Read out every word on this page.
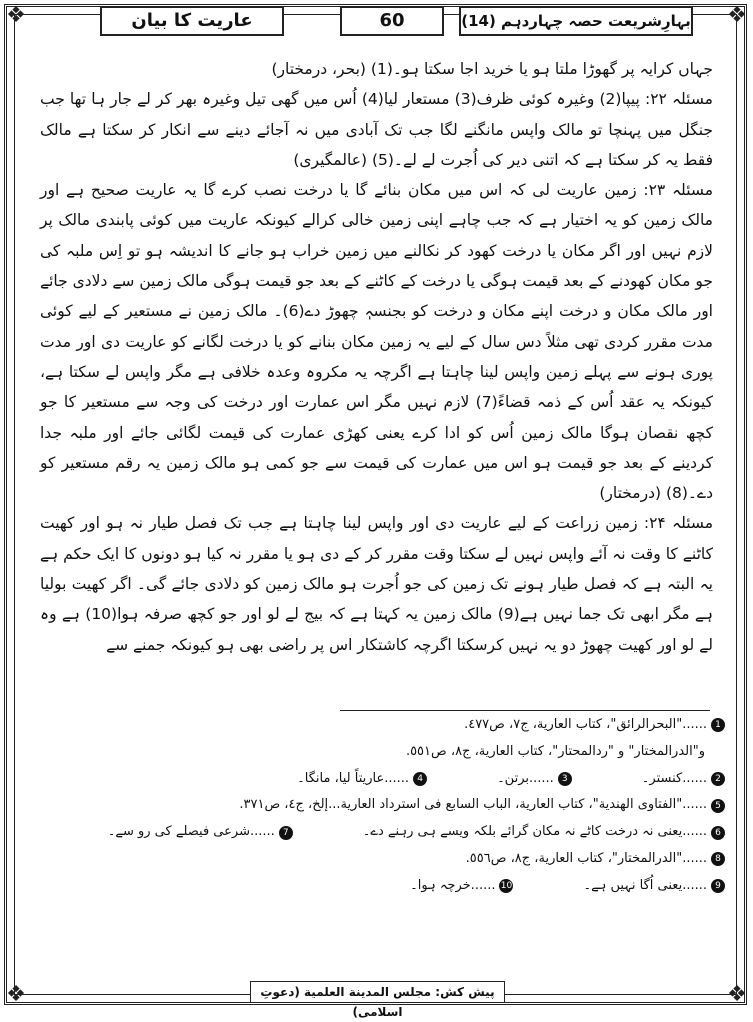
❖	❖
❖	❖
عاریت کا بیان	60	بہارِشریعت حصہ چہاردہم (14)

جہاں کرایہ پر گھوڑا ملتا ہو یا خرید اجا سکتا ہو۔(1) (بحر، درمختار)

مسئلہ ۲۲: پیپا(2) وغیرہ کوئی ظرف(3) مستعار لیا(4) اُس میں گھی تیل وغیرہ بھر کر لے جار ہا تھا جب جنگل میں پہنچا تو مالک واپس مانگنے لگا جب تک آبادی میں نہ آجائے دینے سے انکار کر سکتا ہے مالک فقط یہ کر سکتا ہے کہ اتنی دیر کی اُجرت لے لے۔(5) (عالمگیری)

مسئلہ ۲۳: زمین عاریت لی کہ اس میں مکان بنائے گا یا درخت نصب کرے گا یہ عاریت صحیح ہے اور مالک زمین کو یہ اختیار ہے کہ جب چاہے اپنی زمین خالی کرالے کیونکہ عاریت میں کوئی پابندی مالک پر لازم نہیں اور اگر مکان یا درخت کھود کر نکالنے میں زمین خراب ہو جانے کا اندیشہ ہو تو اِس ملبہ کی جو مکان کھودنے کے بعد قیمت ہوگی یا درخت کے کاٹنے کے بعد جو قیمت ہوگی مالک زمین سے دلادی جائے اور مالک مکان و درخت اپنے مکان و درخت کو بجنسہٖ چھوڑ دے(6)۔ مالک زمین نے مستعیر کے لیے کوئی مدت مقرر کردی تھی مثلاً دس سال کے لیے یہ زمین مکان بنانے کو یا درخت لگانے کو عاریت دی اور مدت پوری ہونے سے پہلے زمین واپس لینا چاہتا ہے اگرچہ یہ مکروہ وعدہ خلافی ہے مگر واپس لے سکتا ہے، کیونکہ یہ عقد اُس کے ذمہ قضاءً(7) لازم نہیں مگر اس عمارت اور درخت کی وجہ سے مستعیر کا جو کچھ نقصان ہوگا مالک زمین اُس کو ادا کرے یعنی کھڑی عمارت کی قیمت لگائی جائے اور ملبہ جدا کردینے کے بعد جو قیمت ہو اس میں عمارت کی قیمت سے جو کمی ہو مالک زمین یہ رقم مستعیر کو دے۔(8) (درمختار)

مسئلہ ۲۴: زمین زراعت کے لیے عاریت دی اور واپس لینا چاہتا ہے جب تک فصل طیار نہ ہو اور کھیت کاٹنے کا وقت نہ آئے واپس نہیں لے سکتا وقت مقرر کر کے دی ہو یا مقرر نہ کیا ہو دونوں کا ایک حکم ہے یہ البتہ ہے کہ فصل طیار ہونے تک زمین کی جو اُجرت ہو مالک زمین کو دلادی جائے گی۔ اگر کھیت بولیا ہے مگر ابھی تک جما نہیں ہے(9) مالک زمین یہ کہتا ہے کہ بیج لے لو اور جو کچھ صرفہ ہوا(10) ہے وہ لے لو اور کھیت چھوڑ دو یہ نہیں کرسکتا اگرچہ کاشتکار اس پر راضی بھی ہو کیونکہ جمنے سے

1
......"البحرالرائق"، کتاب العارية، ج٧، ص٤٧٧.
و"الدرالمختار" و "ردالمحتار"، کتاب العارية، ج٨، ص٥٥١.
2
......کنستر۔
3
......برتن۔
4
......عاریتاً لیا، مانگا۔
5
......"الفتاوی الهندية"، کتاب العارية، الباب السابع فی استرداد العارية...إلخ، ج٤، ص٣٧١.
6
......یعنی نہ درخت کاٹے نہ مکان گرائے بلکہ ویسے ہی رہنے دے۔
7
......شرعی فیصلے کی رو سے۔
8
......"الدرالمختار"، کتاب العارية، ج٨، ص٥٥٦.
9
......یعنی اُگا نہیں ہے۔
10
......خرچہ ہوا۔
پیش کش: مجلس المدينة العلمية (دعوتِ اسلامی)
